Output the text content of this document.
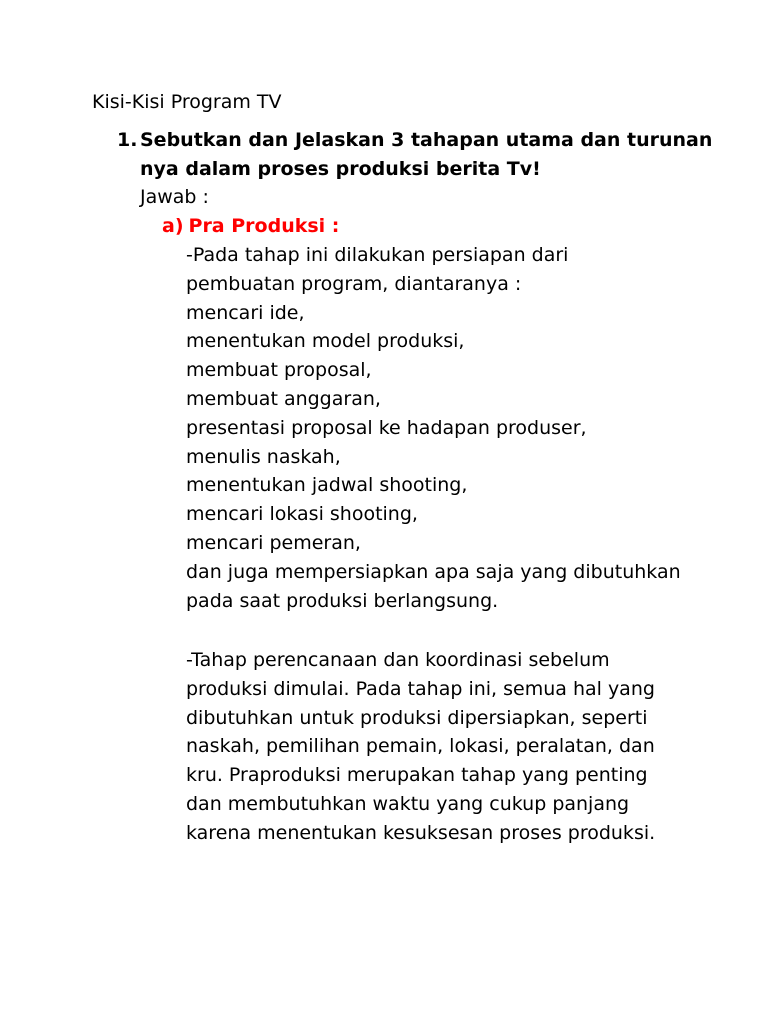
Kisi-Kisi Program TV
1. Sebutkan dan Jelaskan 3 tahapan utama dan turunan
nya dalam proses produksi berita Tv!
Jawab :
a) Pra Produksi :
-Pada tahap ini dilakukan persiapan dari
pembuatan program, diantaranya :
mencari ide,
menentukan model produksi,
membuat proposal,
membuat anggaran,
presentasi proposal ke hadapan produser,
menulis naskah,
menentukan jadwal shooting,
mencari lokasi shooting,
mencari pemeran,
dan juga mempersiapkan apa saja yang dibutuhkan
pada saat produksi berlangsung.
-Tahap perencanaan dan koordinasi sebelum
produksi dimulai. Pada tahap ini, semua hal yang
dibutuhkan untuk produksi dipersiapkan, seperti
naskah, pemilihan pemain, lokasi, peralatan, dan
kru. Praproduksi merupakan tahap yang penting
dan membutuhkan waktu yang cukup panjang
karena menentukan kesuksesan proses produksi.
